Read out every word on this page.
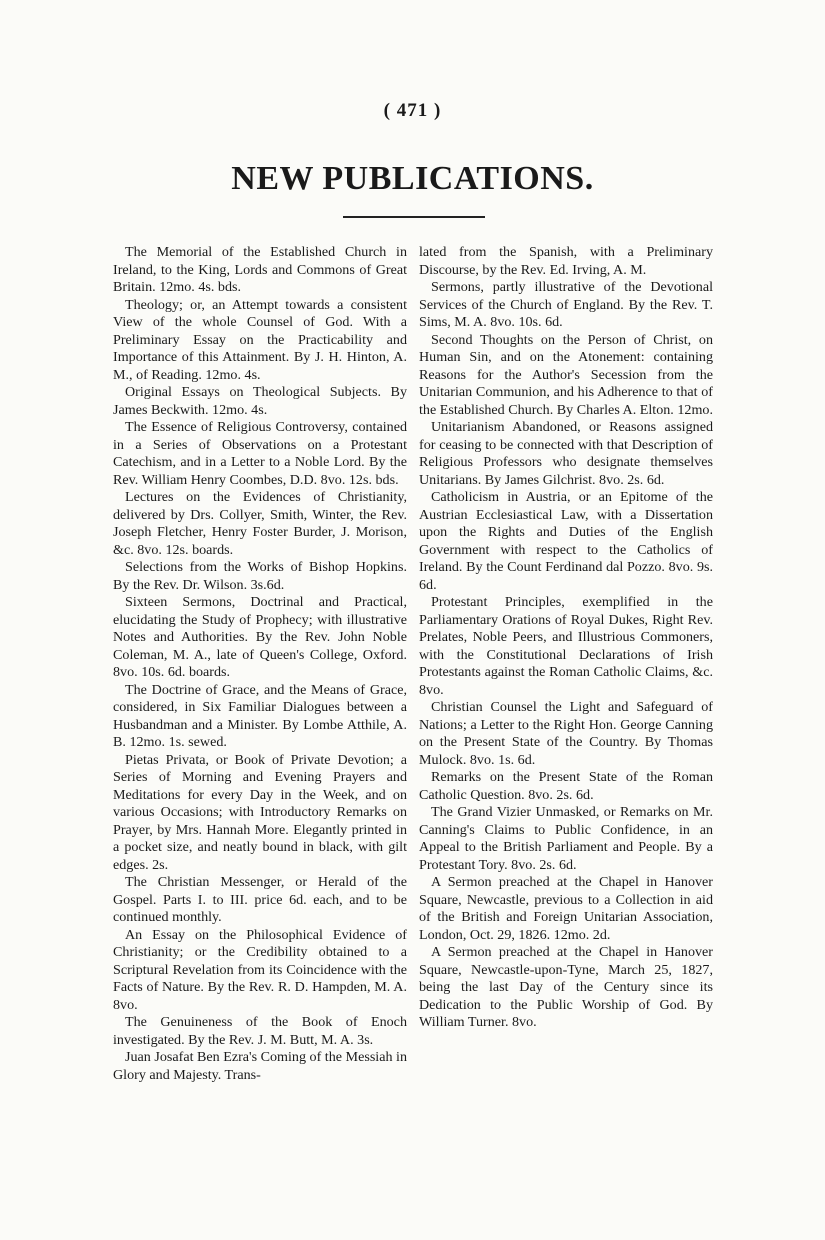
( 471 )
NEW PUBLICATIONS.

The Memorial of the Established Church in Ireland, to the King, Lords and Commons of Great Britain. 12mo. 4s. bds.

Theology; or, an Attempt towards a consistent View of the whole Counsel of God. With a Preliminary Essay on the Practicability and Importance of this Attainment. By J. H. Hinton, A. M., of Reading. 12mo. 4s.

Original Essays on Theological Subjects. By James Beckwith. 12mo. 4s.

The Essence of Religious Controversy, contained in a Series of Observations on a Protestant Catechism, and in a Letter to a Noble Lord. By the Rev. William Henry Coombes, D.D. 8vo. 12s. bds.

Lectures on the Evidences of Christianity, delivered by Drs. Collyer, Smith, Winter, the Rev. Joseph Fletcher, Henry Foster Burder, J. Morison, &c. 8vo. 12s. boards.

Selections from the Works of Bishop Hopkins. By the Rev. Dr. Wilson. 3s.6d.

Sixteen Sermons, Doctrinal and Practical, elucidating the Study of Prophecy; with illustrative Notes and Authorities. By the Rev. John Noble Coleman, M. A., late of Queen's College, Oxford. 8vo. 10s. 6d. boards.

The Doctrine of Grace, and the Means of Grace, considered, in Six Familiar Dialogues between a Husbandman and a Minister. By Lombe Atthile, A. B. 12mo. 1s. sewed.

Pietas Privata, or Book of Private Devotion; a Series of Morning and Evening Prayers and Meditations for every Day in the Week, and on various Occasions; with Introductory Remarks on Prayer, by Mrs. Hannah More. Elegantly printed in a pocket size, and neatly bound in black, with gilt edges. 2s.

The Christian Messenger, or Herald of the Gospel. Parts I. to III. price 6d. each, and to be continued monthly.

An Essay on the Philosophical Evidence of Christianity; or the Credibility obtained to a Scriptural Revelation from its Coincidence with the Facts of Nature. By the Rev. R. D. Hampden, M. A. 8vo.

The Genuineness of the Book of Enoch investigated. By the Rev. J. M. Butt, M. A. 3s.

Juan Josafat Ben Ezra's Coming of the Messiah in Glory and Majesty. Trans-

lated from the Spanish, with a Preliminary Discourse, by the Rev. Ed. Irving, A. M.

Sermons, partly illustrative of the Devotional Services of the Church of England. By the Rev. T. Sims, M. A. 8vo. 10s. 6d.

Second Thoughts on the Person of Christ, on Human Sin, and on the Atonement: containing Reasons for the Author's Secession from the Unitarian Communion, and his Adherence to that of the Established Church. By Charles A. Elton. 12mo.

Unitarianism Abandoned, or Reasons assigned for ceasing to be connected with that Description of Religious Professors who designate themselves Unitarians. By James Gilchrist. 8vo. 2s. 6d.

Catholicism in Austria, or an Epitome of the Austrian Ecclesiastical Law, with a Dissertation upon the Rights and Duties of the English Government with respect to the Catholics of Ireland. By the Count Ferdinand dal Pozzo. 8vo. 9s. 6d.

Protestant Principles, exemplified in the Parliamentary Orations of Royal Dukes, Right Rev. Prelates, Noble Peers, and Illustrious Commoners, with the Constitutional Declarations of Irish Protestants against the Roman Catholic Claims, &c. 8vo.

Christian Counsel the Light and Safeguard of Nations; a Letter to the Right Hon. George Canning on the Present State of the Country. By Thomas Mulock. 8vo. 1s. 6d.

Remarks on the Present State of the Roman Catholic Question. 8vo. 2s. 6d.

The Grand Vizier Unmasked, or Remarks on Mr. Canning's Claims to Public Confidence, in an Appeal to the British Parliament and People. By a Protestant Tory. 8vo. 2s. 6d.

A Sermon preached at the Chapel in Hanover Square, Newcastle, previous to a Collection in aid of the British and Foreign Unitarian Association, London, Oct. 29, 1826. 12mo. 2d.

A Sermon preached at the Chapel in Hanover Square, Newcastle-upon-Tyne, March 25, 1827, being the last Day of the Century since its Dedication to the Public Worship of God. By William Turner. 8vo.
